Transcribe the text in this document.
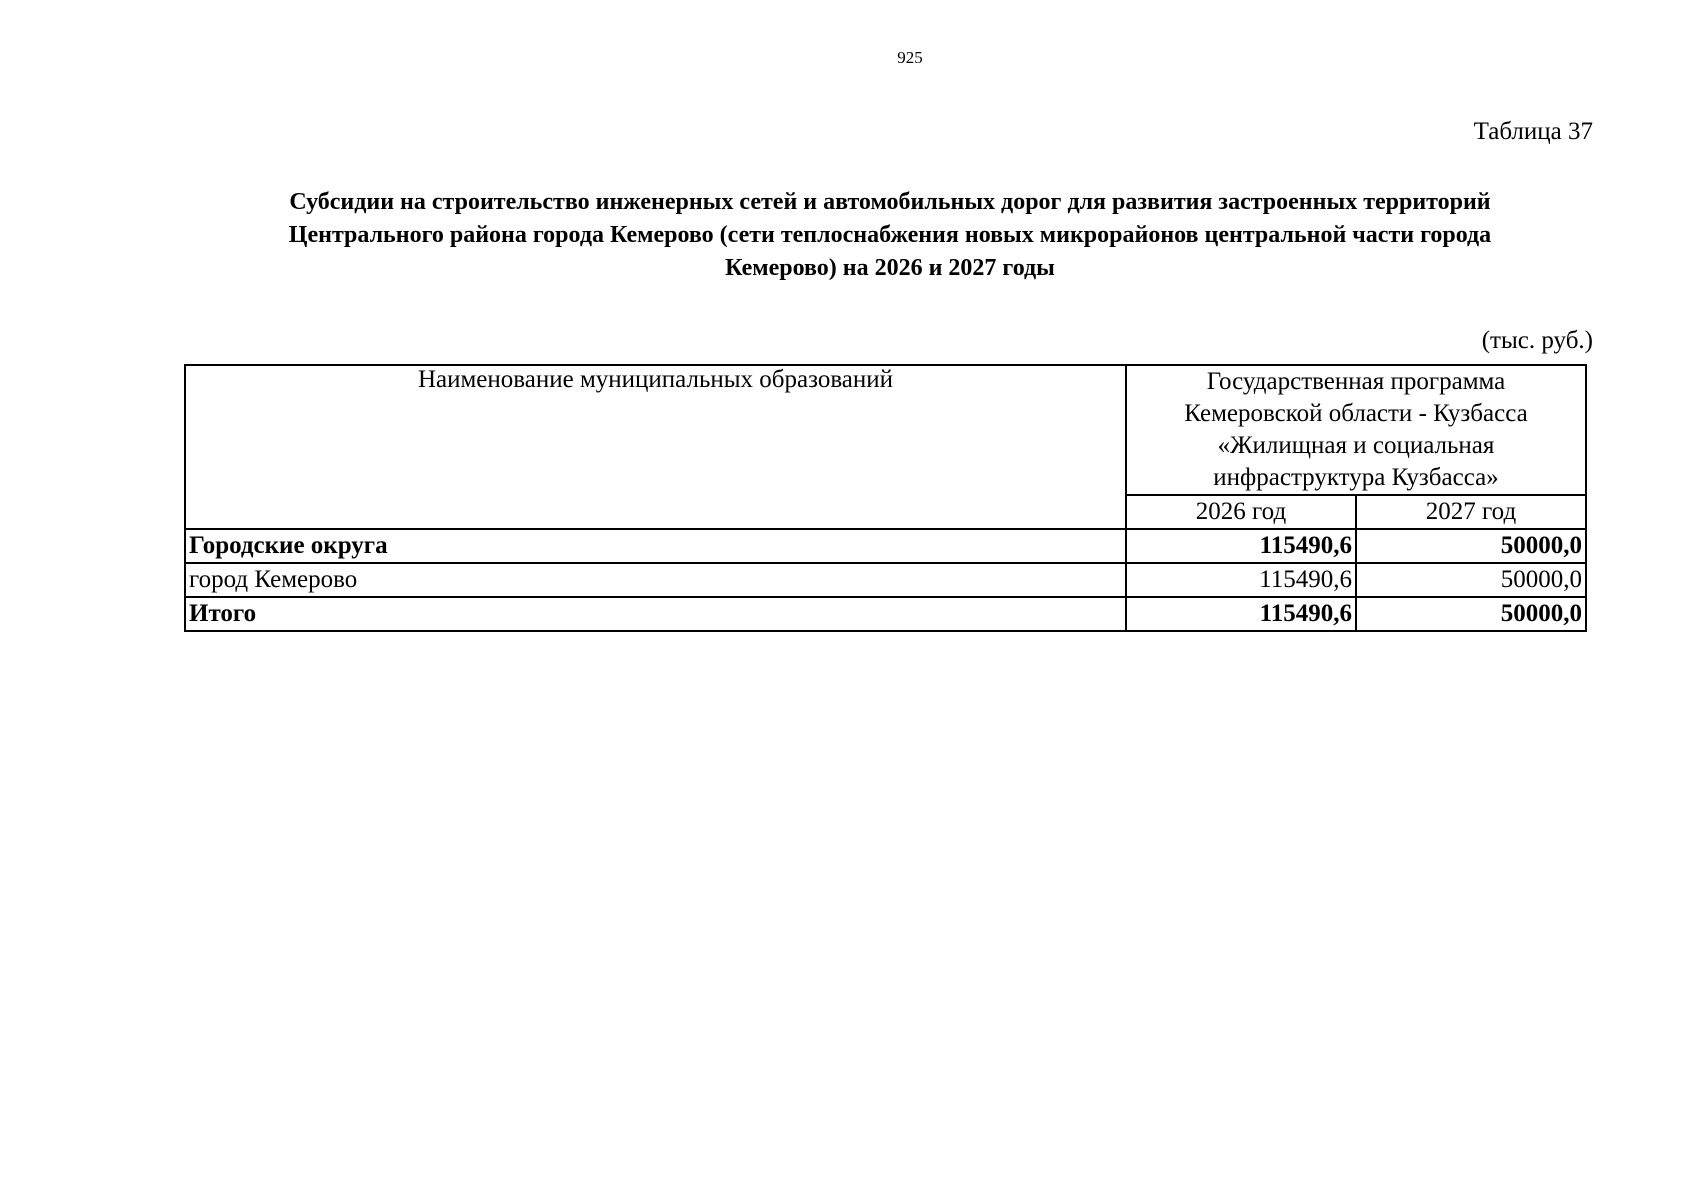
925
Таблица 37
Субсидии на строительство инженерных сетей и автомобильных дорог для развития застроенных территорий
Центрального района города Кемерово (сети теплоснабжения новых микрорайонов центральной части города
Кемерово) на 2026 и 2027 годы
(тыс. руб.)
Наименование муниципальных образований	Государственная программа
Кемеровской области - Кузбасса
«Жилищная и социальная
инфраструктура Кузбасса»	

	2026 год	2027 год
Городские округа	115490,6	50000,0
город Кемерово	115490,6	50000,0
Итого	115490,6	50000,0
